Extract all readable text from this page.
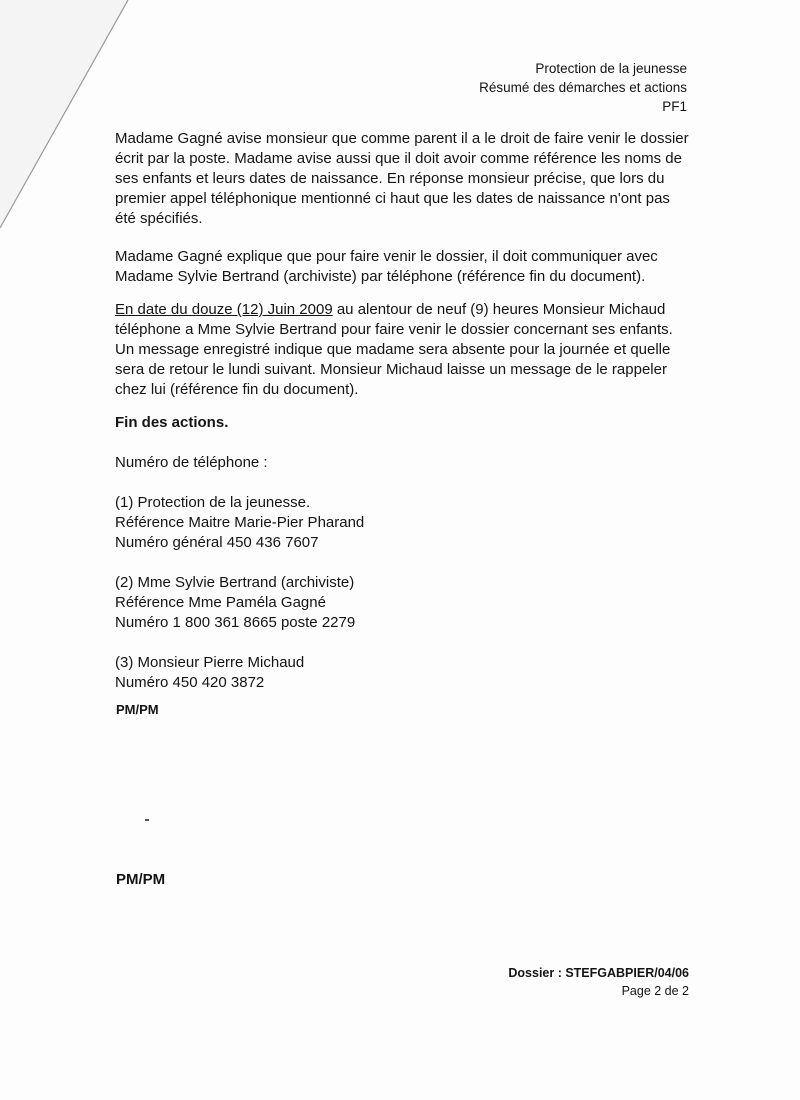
Protection de la jeunesse
Résumé des démarches et actions
PF1

Madame Gagné avise monsieur que comme parent il a le droit de faire venir le dossier écrit par la poste. Madame avise aussi que il doit avoir comme référence les noms de ses enfants et leurs dates de naissance. En réponse monsieur précise, que lors du premier appel téléphonique mentionné ci haut que les dates de naissance n'ont pas été spécifiés.

Madame Gagné explique que pour faire venir le dossier, il doit communiquer avec Madame Sylvie Bertrand (archiviste) par téléphone (référence fin du document).

En date du douze (12) Juin 2009 au alentour de neuf (9) heures Monsieur Michaud téléphone a Mme Sylvie Bertrand pour faire venir le dossier concernant ses enfants. Un message enregistré indique que madame sera absente pour la journée et quelle sera de retour le lundi suivant. Monsieur Michaud laisse un message de le rappeler chez lui (référence fin du document).

Fin des actions.

Numéro de téléphone :

(1) Protection de la jeunesse.

Référence Maitre Marie-Pier Pharand

Numéro général 450 436 7607

(2) Mme Sylvie Bertrand (archiviste)

Référence Mme Paméla Gagné

Numéro 1 800 361 8665 poste 2279

(3) Monsieur Pierre Michaud

Numéro 450 420 3872

PM/PM
PM/PM
Dossier : STEFGABPIER/04/06
Page 2 de 2
